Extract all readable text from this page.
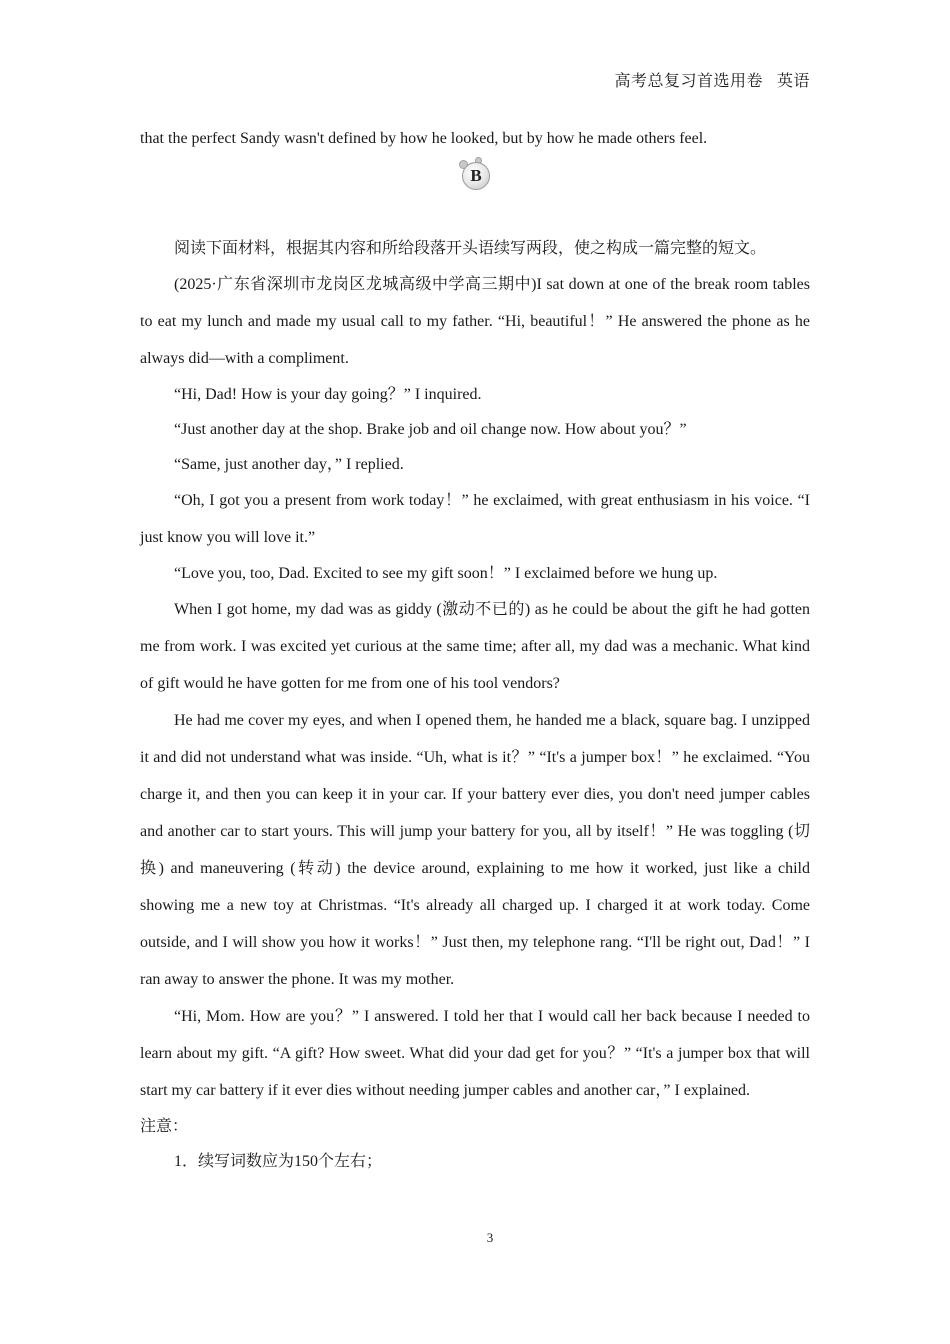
高考总复习首选用卷 英语
B

that the perfect Sandy wasn't defined by how he looked, but by how he made others feel.

阅读下面材料，根据其内容和所给段落开头语续写两段，使之构成一篇完整的短文。

(2025·广东省深圳市龙岗区龙城高级中学高三期中)I sat down at one of the break room tables to eat my lunch and made my usual call to my father. “Hi, beautiful！” He answered the phone as he always did—with a compliment.

“Hi, Dad! How is your day going？” I inquired.

“Just another day at the shop. Brake job and oil change now. How about you？”

“Same, just another day，” I replied.

“Oh, I got you a present from work today！” he exclaimed, with great enthusiasm in his voice. “I just know you will love it.”

“Love you, too, Dad. Excited to see my gift soon！” I exclaimed before we hung up.

When I got home, my dad was as giddy (激动不已的) as he could be about the gift he had gotten me from work. I was excited yet curious at the same time; after all, my dad was a mechanic. What kind of gift would he have gotten for me from one of his tool vendors?

He had me cover my eyes, and when I opened them, he handed me a black, square bag. I unzipped it and did not understand what was inside. “Uh, what is it？” “It's a jumper box！” he exclaimed. “You charge it, and then you can keep it in your car. If your battery ever dies, you don't need jumper cables and another car to start yours. This will jump your battery for you, all by itself！” He was toggling (切换) and maneuvering (转动) the device around, explaining to me how it worked, just like a child showing me a new toy at Christmas. “It's already all charged up. I charged it at work today. Come outside, and I will show you how it works！” Just then, my telephone rang. “I'll be right out, Dad！” I ran away to answer the phone. It was my mother.

“Hi, Mom. How are you？” I answered. I told her that I would call her back because I needed to learn about my gift. “A gift? How sweet. What did your dad get for you？” “It's a jumper box that will start my car battery if it ever dies without needing jumper cables and another car，” I explained.

注意：

1．续写词数应为150个左右；

3
